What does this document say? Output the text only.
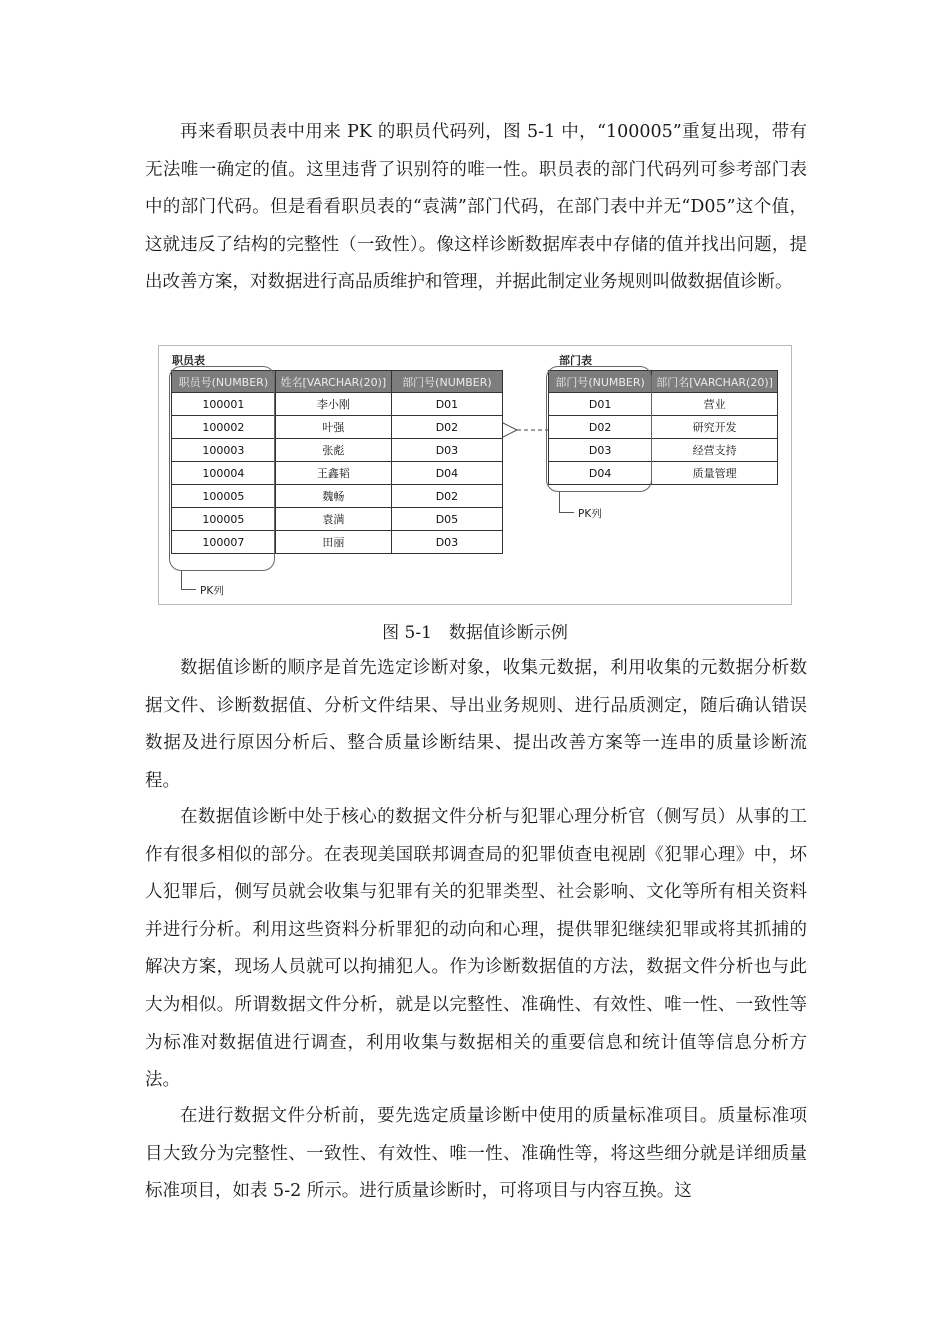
再来看职员表中用来 PK 的职员代码列，图 5-1 中，“100005”重复出现，带有无法唯一确定的值。这里违背了识别符的唯一性。职员表的部门代码列可参考部门表中的部门代码。但是看看职员表的“袁满”部门代码，在部门表中并无“D05”这个值，这就违反了结构的完整性（一致性）。像这样诊断数据库表中存储的值并找出问题，提出改善方案，对数据进行高品质维护和管理，并据此制定业务规则叫做数据值诊断。

职员表
职员号(NUMBER)	姓名[VARCHAR(20)]	部门号(NUMBER)
100001	李小刚	D01
100002	叶强	D02
100003	张彪	D03
100004	王鑫韬	D04
100005	魏畅	D02
100005	袁满	D05
100007	田丽	D03
PK列
部门表
部门号(NUMBER)	部门名[VARCHAR(20)]
D01	营业
D02	研究开发
D03	经营支持
D04	质量管理
PK列
图 5-1　数据值诊断示例

数据值诊断的顺序是首先选定诊断对象，收集元数据，利用收集的元数据分析数据文件、诊断数据值、分析文件结果、导出业务规则、进行品质测定，随后确认错误数据及进行原因分析后、整合质量诊断结果、提出改善方案等一连串的质量诊断流程。

在数据值诊断中处于核心的数据文件分析与犯罪心理分析官（侧写员）从事的工作有很多相似的部分。在表现美国联邦调查局的犯罪侦查电视剧《犯罪心理》中，坏人犯罪后，侧写员就会收集与犯罪有关的犯罪类型、社会影响、文化等所有相关资料并进行分析。利用这些资料分析罪犯的动向和心理，提供罪犯继续犯罪或将其抓捕的解决方案，现场人员就可以拘捕犯人。作为诊断数据值的方法，数据文件分析也与此大为相似。所谓数据文件分析，就是以完整性、准确性、有效性、唯一性、一致性等为标准对数据值进行调查，利用收集与数据相关的重要信息和统计值等信息分析方法。

在进行数据文件分析前，要先选定质量诊断中使用的质量标准项目。质量标准项目大致分为完整性、一致性、有效性、唯一性、准确性等，将这些细分就是详细质量标准项目，如表 5-2 所示。进行质量诊断时，可将项目与内容互换。这
